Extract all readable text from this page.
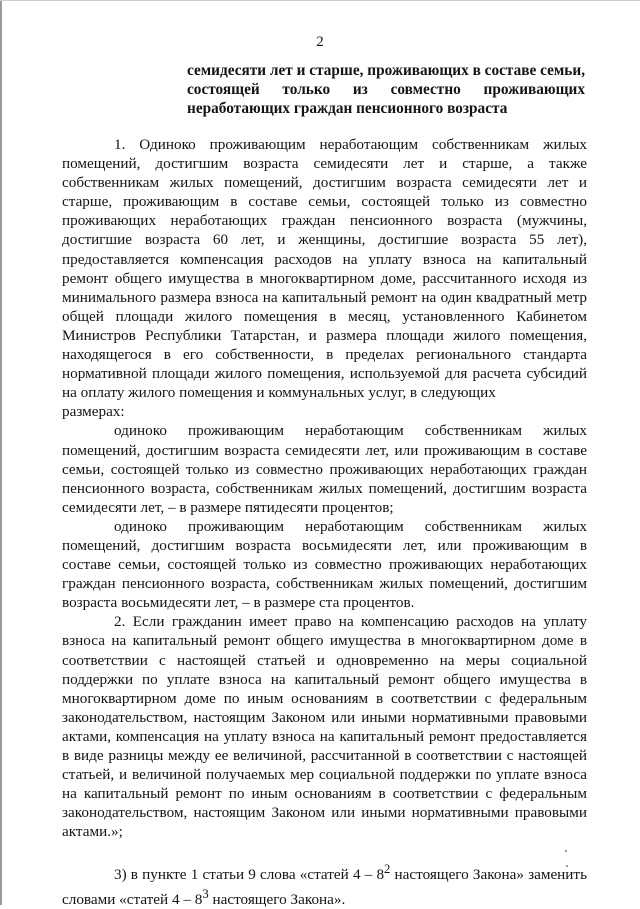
2
семидесяти лет и старше, проживающих в составе семьи,
состоящей только из совместно проживающих
неработающих граждан пенсионного возраста

1. Одиноко проживающим неработающим собственникам жилых помещений, достигшим возраста семидесяти лет и старше, а также собственникам жилых помещений, достигшим возраста семидесяти лет и старше, проживающим в составе семьи, состоящей только из совместно проживающих неработающих граждан пенсионного возраста (мужчины, достигшие возраста 60 лет, и женщины, достигшие возраста 55 лет), предоставляется компенсация расходов на уплату взноса на капитальный ремонт общего имущества в многоквартирном доме, рассчитанного исходя из минимального размера взноса на капитальный ремонт на один квадратный метр общей площади жилого помещения в месяц, установленного Кабинетом Министров Республики Татарстан, и размера площади жилого помещения, находящегося в его собственности, в пределах регионального стандарта нормативной площади жилого помещения, используемой для расчета субсидий на оплату жилого помещения и коммунальных услуг, в следующих

размерах:

одиноко проживающим неработающим собственникам жилых помещений, достигшим возраста семидесяти лет, или проживающим в составе семьи, состоящей только из совместно проживающих неработающих граждан пенсионного возраста, собственникам жилых помещений, достигшим возраста семидесяти лет, – в размере пятидесяти процентов;

одиноко проживающим неработающим собственникам жилых помещений, достигшим возраста восьмидесяти лет, или проживающим в составе семьи, состоящей только из совместно проживающих неработающих граждан пенсионного возраста, собственникам жилых помещений, достигшим возраста восьмидесяти лет, – в размере ста процентов.

2. Если гражданин имеет право на компенсацию расходов на уплату взноса на капитальный ремонт общего имущества в многоквартирном доме в соответствии с настоящей статьей и одновременно на меры социальной поддержки по уплате взноса на капитальный ремонт общего имущества в многоквартирном доме по иным основаниям в соответствии с федеральным законодательством, настоящим Законом или иными нормативными правовыми актами, компенсация на уплату взноса на капитальный ремонт предоставляется в виде разницы между ее величиной, рассчитанной в соответствии с настоящей статьей, и величиной получаемых мер социальной поддержки по уплате взноса на капитальный ремонт по иным основаниям в соответствии с федеральным законодательством, настоящим Законом или иными нормативными правовыми актами.»;

3) в пункте 1 статьи 9 слова «статей $4 - 8^2$ настоящего Закона» заменить словами «статей $4 - 8^3$ настоящего Закона».
